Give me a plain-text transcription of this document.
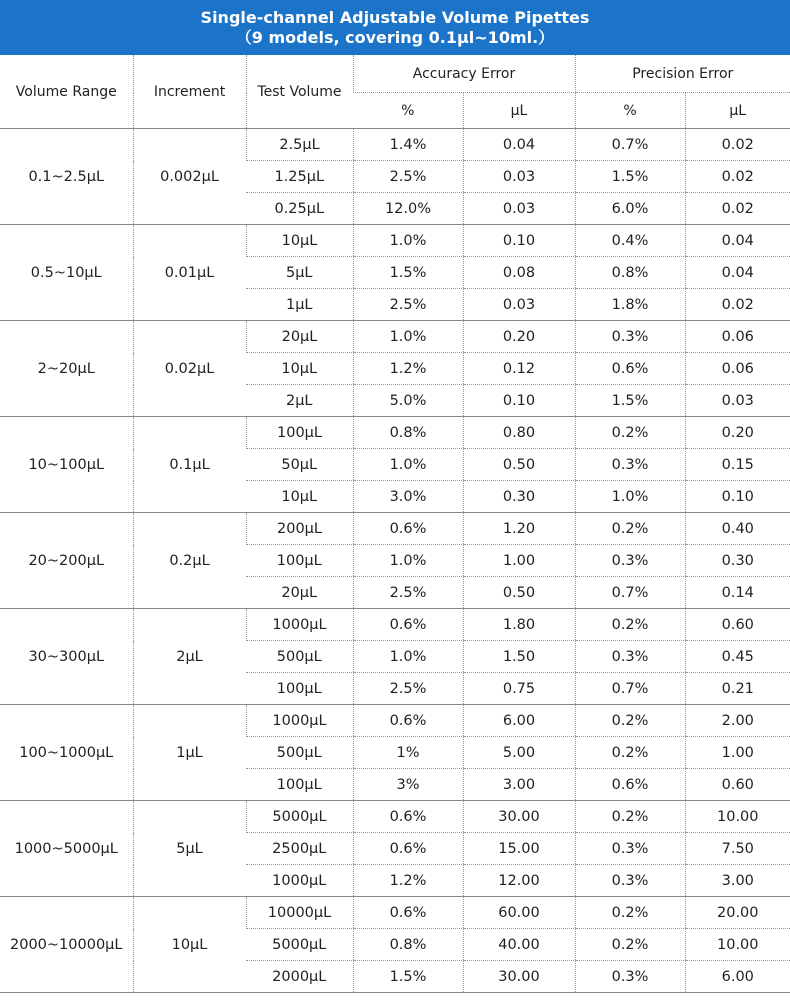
Single-channel Adjustable Volume Pipettes
（9 models, covering 0.1μl~10ml.）
Volume Range	Increment	Test Volume	Accuracy Error		Precision Error	
			%	μL	%	μL
0.1~2.5μL	0.002μL	2.5μL	1.4%	0.04	0.7%	0.02
		1.25μL	2.5%	0.03	1.5%	0.02
		0.25μL	12.0%	0.03	6.0%	0.02
0.5~10μL	0.01μL	10μL	1.0%	0.10	0.4%	0.04
		5μL	1.5%	0.08	0.8%	0.04
		1μL	2.5%	0.03	1.8%	0.02
2~20μL	0.02μL	20μL	1.0%	0.20	0.3%	0.06
		10μL	1.2%	0.12	0.6%	0.06
		2μL	5.0%	0.10	1.5%	0.03
10~100μL	0.1μL	100μL	0.8%	0.80	0.2%	0.20
		50μL	1.0%	0.50	0.3%	0.15
		10μL	3.0%	0.30	1.0%	0.10
20~200μL	0.2μL	200μL	0.6%	1.20	0.2%	0.40
		100μL	1.0%	1.00	0.3%	0.30
		20μL	2.5%	0.50	0.7%	0.14
30~300μL	2μL	1000μL	0.6%	1.80	0.2%	0.60
		500μL	1.0%	1.50	0.3%	0.45
		100μL	2.5%	0.75	0.7%	0.21
100~1000μL	1μL	1000μL	0.6%	6.00	0.2%	2.00
		500μL	1%	5.00	0.2%	1.00
		100μL	3%	3.00	0.6%	0.60
1000~5000μL	5μL	5000μL	0.6%	30.00	0.2%	10.00
		2500μL	0.6%	15.00	0.3%	7.50
		1000μL	1.2%	12.00	0.3%	3.00
2000~10000μL	10μL	10000μL	0.6%	60.00	0.2%	20.00
		5000μL	0.8%	40.00	0.2%	10.00
		2000μL	1.5%	30.00	0.3%	6.00
